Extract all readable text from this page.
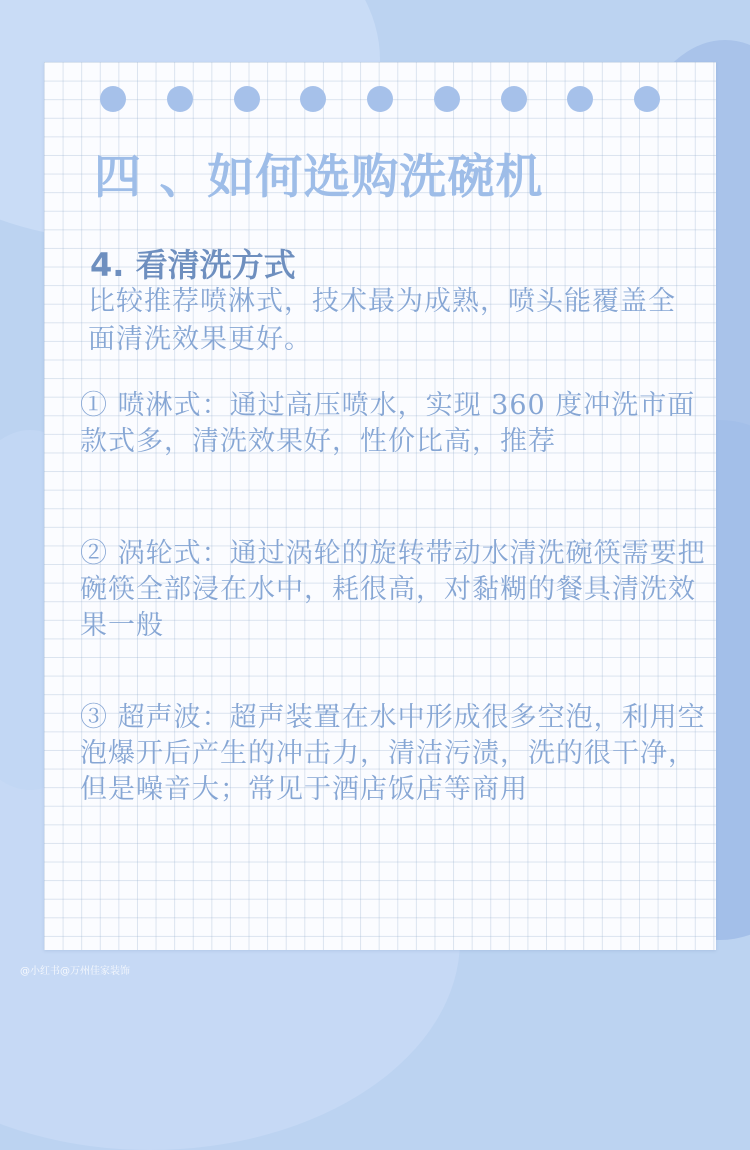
四 、如何选购洗碗机
4. 看清洗方式

比较推荐喷淋式，技术最为成熟，喷头能覆盖全面清洗效果更好。

① 喷淋式：通过高压喷水，实现 360 度冲洗市面款式多，清洗效果好，性价比高，推荐

② 涡轮式：通过涡轮的旋转带动水清洗碗筷需要把碗筷全部浸在水中，耗很高，对黏糊的餐具清洗效果一般

③ 超声波：超声装置在水中形成很多空泡，利用空泡爆开后产生的冲击力，清洁污渍，洗的很干净，但是噪音大；常见于酒店饭店等商用

@小红书@万州佳家装饰
